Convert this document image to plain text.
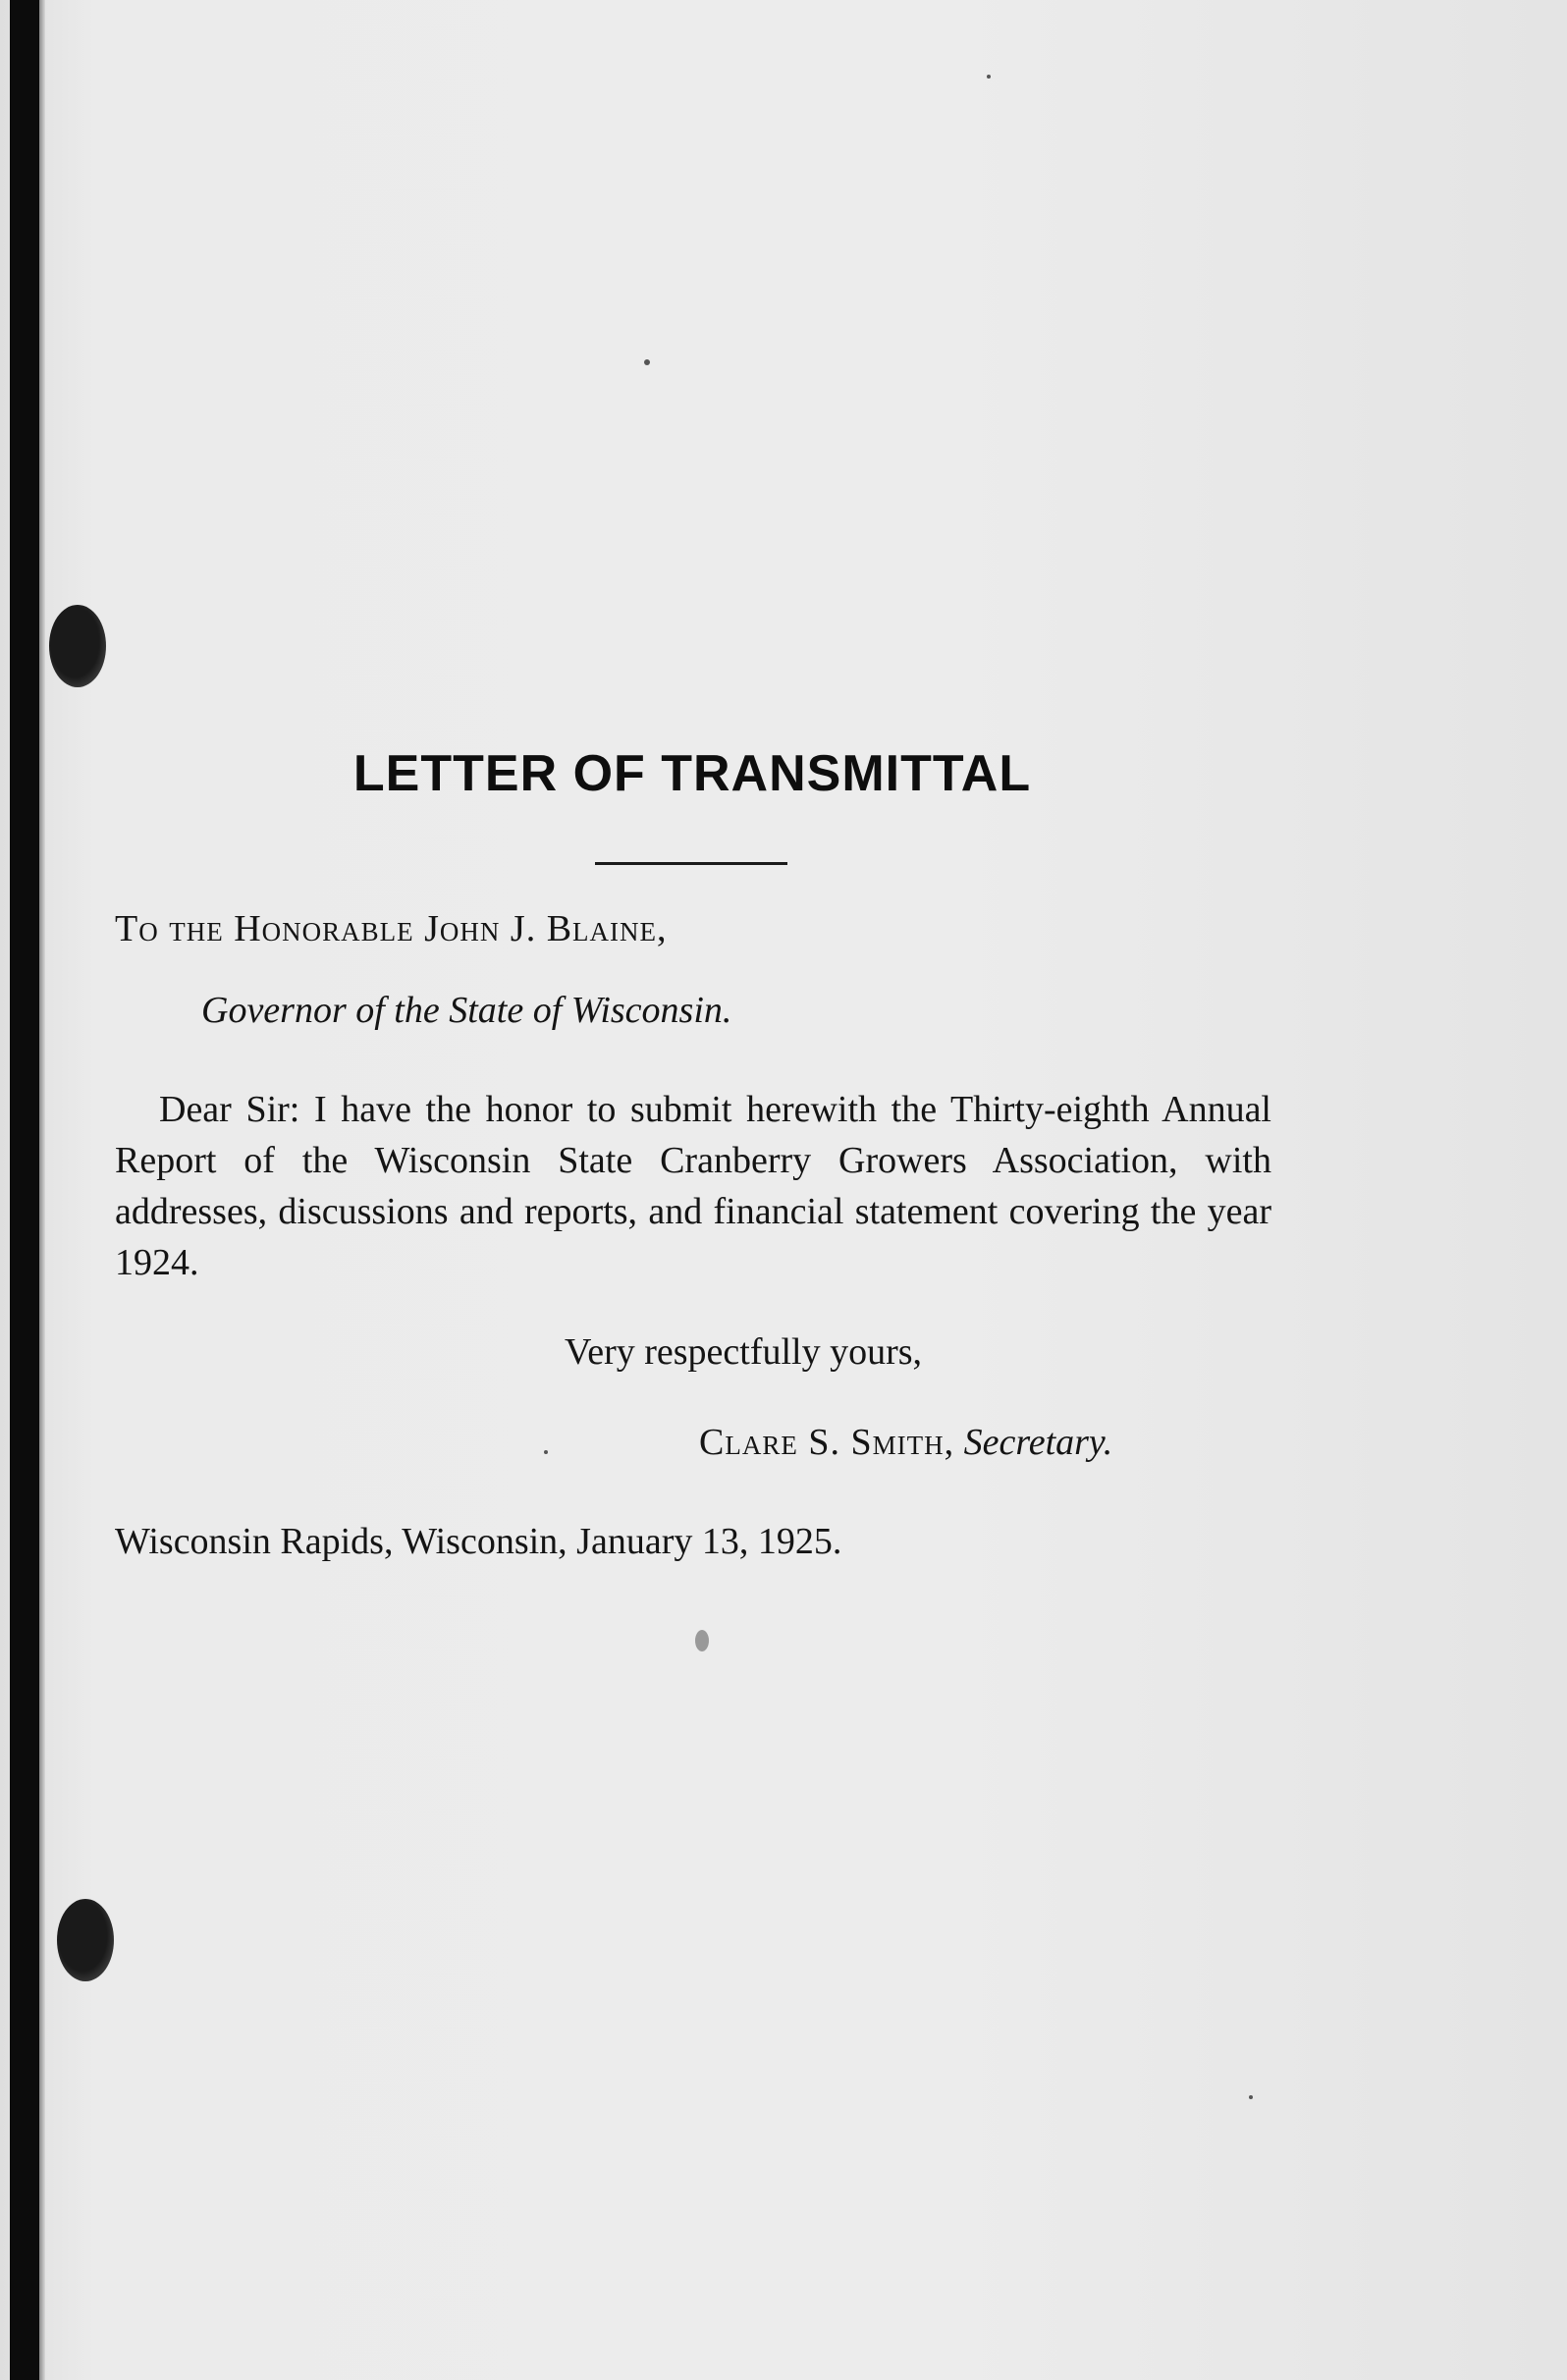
LETTER OF TRANSMITTAL

To the Honorable John J. Blaine,

Governor of the State of Wisconsin.

Dear Sir: I have the honor to submit herewith the Thirty-eighth Annual Report of the Wisconsin State Cranberry Growers Association, with addresses, discussions and reports, and financial statement covering the year 1924.

Very respectfully yours,

Clare S. Smith, Secretary.

Wisconsin Rapids, Wisconsin, January 13, 1925.
